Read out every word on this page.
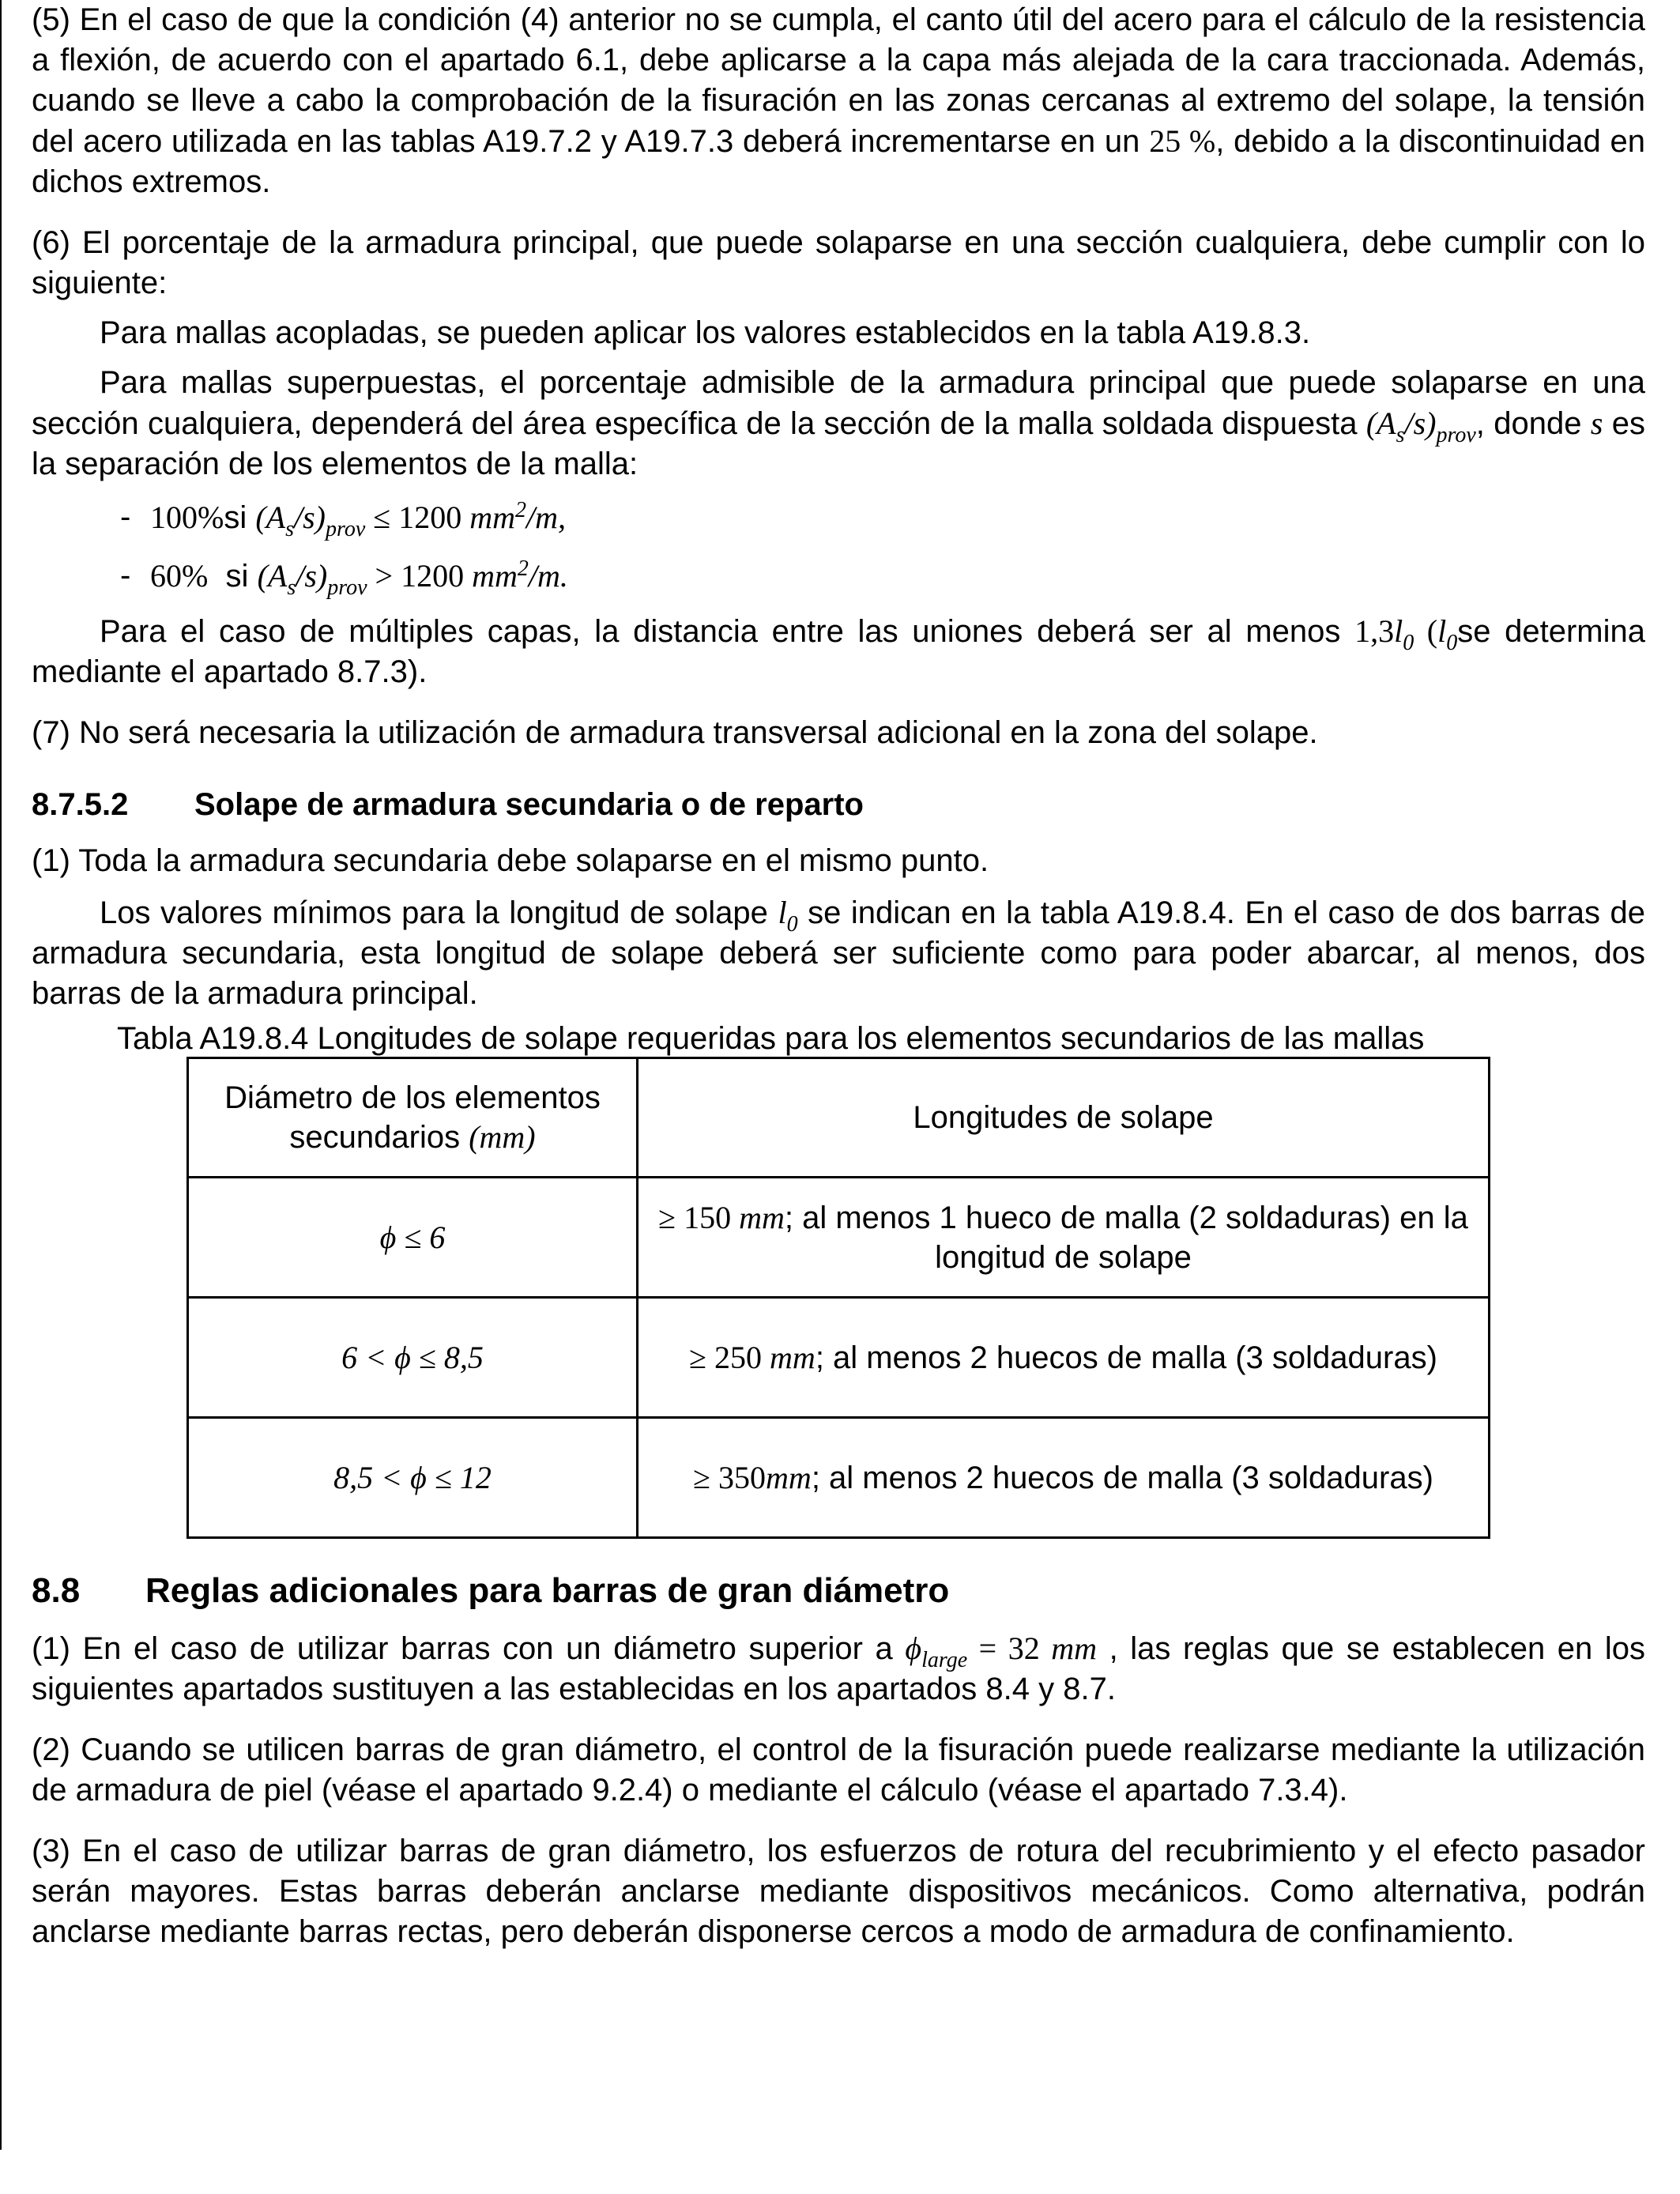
(5) En el caso de que la condición (4) anterior no se cumpla, el canto útil del acero para el cálculo de la resistencia a flexión, de acuerdo con el apartado 6.1, debe aplicarse a la capa más alejada de la cara traccionada. Además, cuando se lleve a cabo la comprobación de la fisuración en las zonas cercanas al extremo del solape, la tensión del acero utilizada en las tablas A19.7.2 y A19.7.3 deberá incrementarse en un 25 %, debido a la discontinuidad en dichos extremos.

(6) El porcentaje de la armadura principal, que puede solaparse en una sección cualquiera, debe cumplir con lo siguiente:

Para mallas acopladas, se pueden aplicar los valores establecidos en la tabla A19.8.3.

Para mallas superpuestas, el porcentaje admisible de la armadura principal que puede solaparse en una sección cualquiera, dependerá del área específica de la sección de la malla soldada dispuesta $(A_s/s)_{prov}$, donde s es la separación de los elementos de la malla:

- 100%si $(A_s/s)_{prov} \le 1200$ $mm^2/m$,
- 60%  si $(A_s/s)_{prov} > 1200$ $mm^2/m$.

Para el caso de múltiples capas, la distancia entre las uniones deberá ser al menos $1,3l_0$ ($l_0se$ determina mediante el apartado 8.7.3).

(7) No será necesaria la utilización de armadura transversal adicional en la zona del solape.

8.7.5.2	Solape de armadura secundaria o de reparto

(1) Toda la armadura secundaria debe solaparse en el mismo punto.

Los valores mínimos para la longitud de solape $l_0$ se indican en la tabla A19.8.4. En el caso de dos barras de armadura secundaria, esta longitud de solape deberá ser suficiente como para poder abarcar, al menos, dos barras de la armadura principal.

Tabla A19.8.4 Longitudes de solape requeridas para los elementos secundarios de las mallas

Diámetro de los elementos secundarios (mm)	Longitudes de solape
ϕ ≤ 6	≥ 150 mm; al menos 1 hueco de malla (2 soldaduras) en la longitud de solape
6 < ϕ ≤ 8,5	≥ 250 mm; al menos 2 huecos de malla (3 soldaduras)
8,5 < ϕ ≤ 12	≥ 350mm; al menos 2 huecos de malla (3 soldaduras)
8.8	Reglas adicionales para barras de gran diámetro

(1) En el caso de utilizar barras con un diámetro superior a $\phi_{large} = 32$ mm , las reglas que se establecen en los siguientes apartados sustituyen a las establecidas en los apartados 8.4 y 8.7.

(2) Cuando se utilicen barras de gran diámetro, el control de la fisuración puede realizarse mediante la utilización de armadura de piel (véase el apartado 9.2.4) o mediante el cálculo (véase el apartado 7.3.4).

(3) En el caso de utilizar barras de gran diámetro, los esfuerzos de rotura del recubrimiento y el efecto pasador serán mayores. Estas barras deberán anclarse mediante dispositivos mecánicos. Como alternativa, podrán anclarse mediante barras rectas, pero deberán disponerse cercos a modo de armadura de confinamiento.
